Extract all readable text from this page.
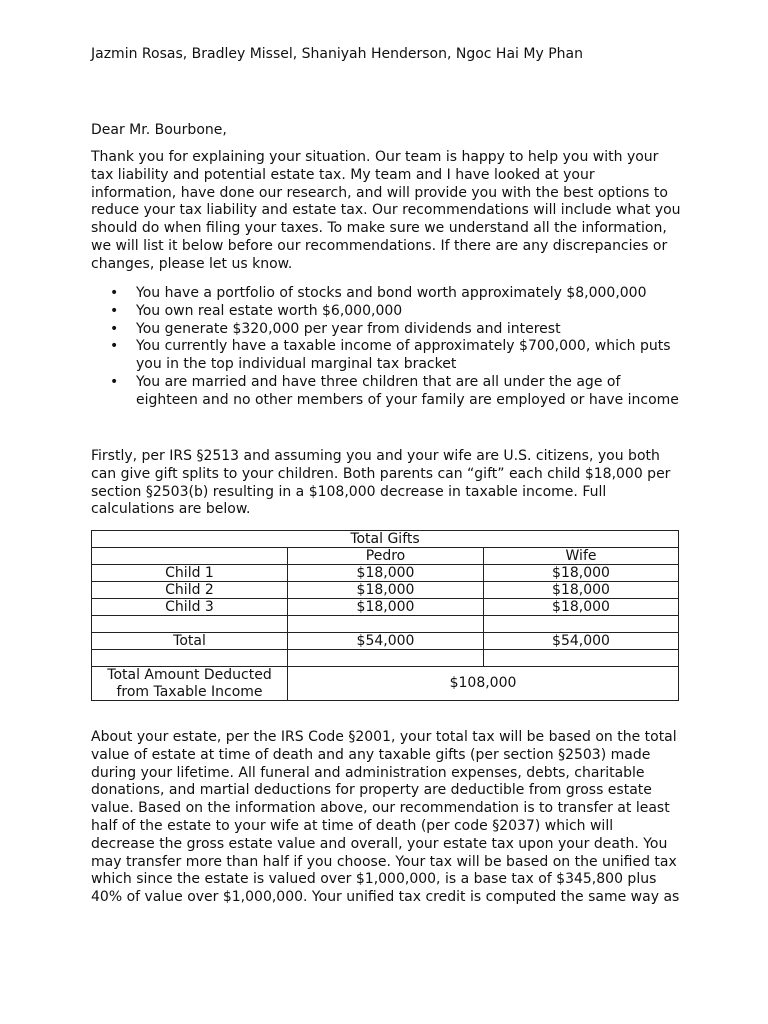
Jazmin Rosas, Bradley Missel, Shaniyah Henderson, Ngoc Hai My Phan
Dear Mr. Bourbone,

Thank you for explaining your situation. Our team is happy to help you with your tax liability and potential estate tax. My team and I have looked at your information, have done our research, and will provide you with the best options to reduce your tax liability and estate tax. Our recommendations will include what you should do when filing your taxes. To make sure we understand all the information, we will list it below before our recommendations. If there are any discrepancies or changes, please let us know.

• You have a portfolio of stocks and bond worth approximately $8,000,000
• You own real estate worth $6,000,000
• You generate $320,000 per year from dividends and interest
• You currently have a taxable income of approximately $700,000, which puts you in the top individual marginal tax bracket
• You are married and have three children that are all under the age of eighteen and no other members of your family are employed or have income

Firstly, per IRS §2513 and assuming you and your wife are U.S. citizens, you both can give gift splits to your children. Both parents can “gift” each child $18,000 per section §2503(b) resulting in a $108,000 decrease in taxable income. Full calculations are below.

Total Gifts		
	Pedro	Wife
Child 1	$18,000	$18,000
Child 2	$18,000	$18,000
Child 3	$18,000	$18,000

Total	$54,000	$54,000

Total Amount Deducted from Taxable Income	$108,000	

About your estate, per the IRS Code §2001, your total tax will be based on the total value of estate at time of death and any taxable gifts (per section §2503) made during your lifetime. All funeral and administration expenses, debts, charitable donations, and martial deductions for property are deductible from gross estate value. Based on the information above, our recommendation is to transfer at least half of the estate to your wife at time of death (per code §2037) which will decrease the gross estate value and overall, your estate tax upon your death. You may transfer more than half if you choose. Your tax will be based on the unified tax which since the estate is valued over $1,000,000, is a base tax of $345,800 plus 40% of value over $1,000,000. Your unified tax credit is computed the same way as
